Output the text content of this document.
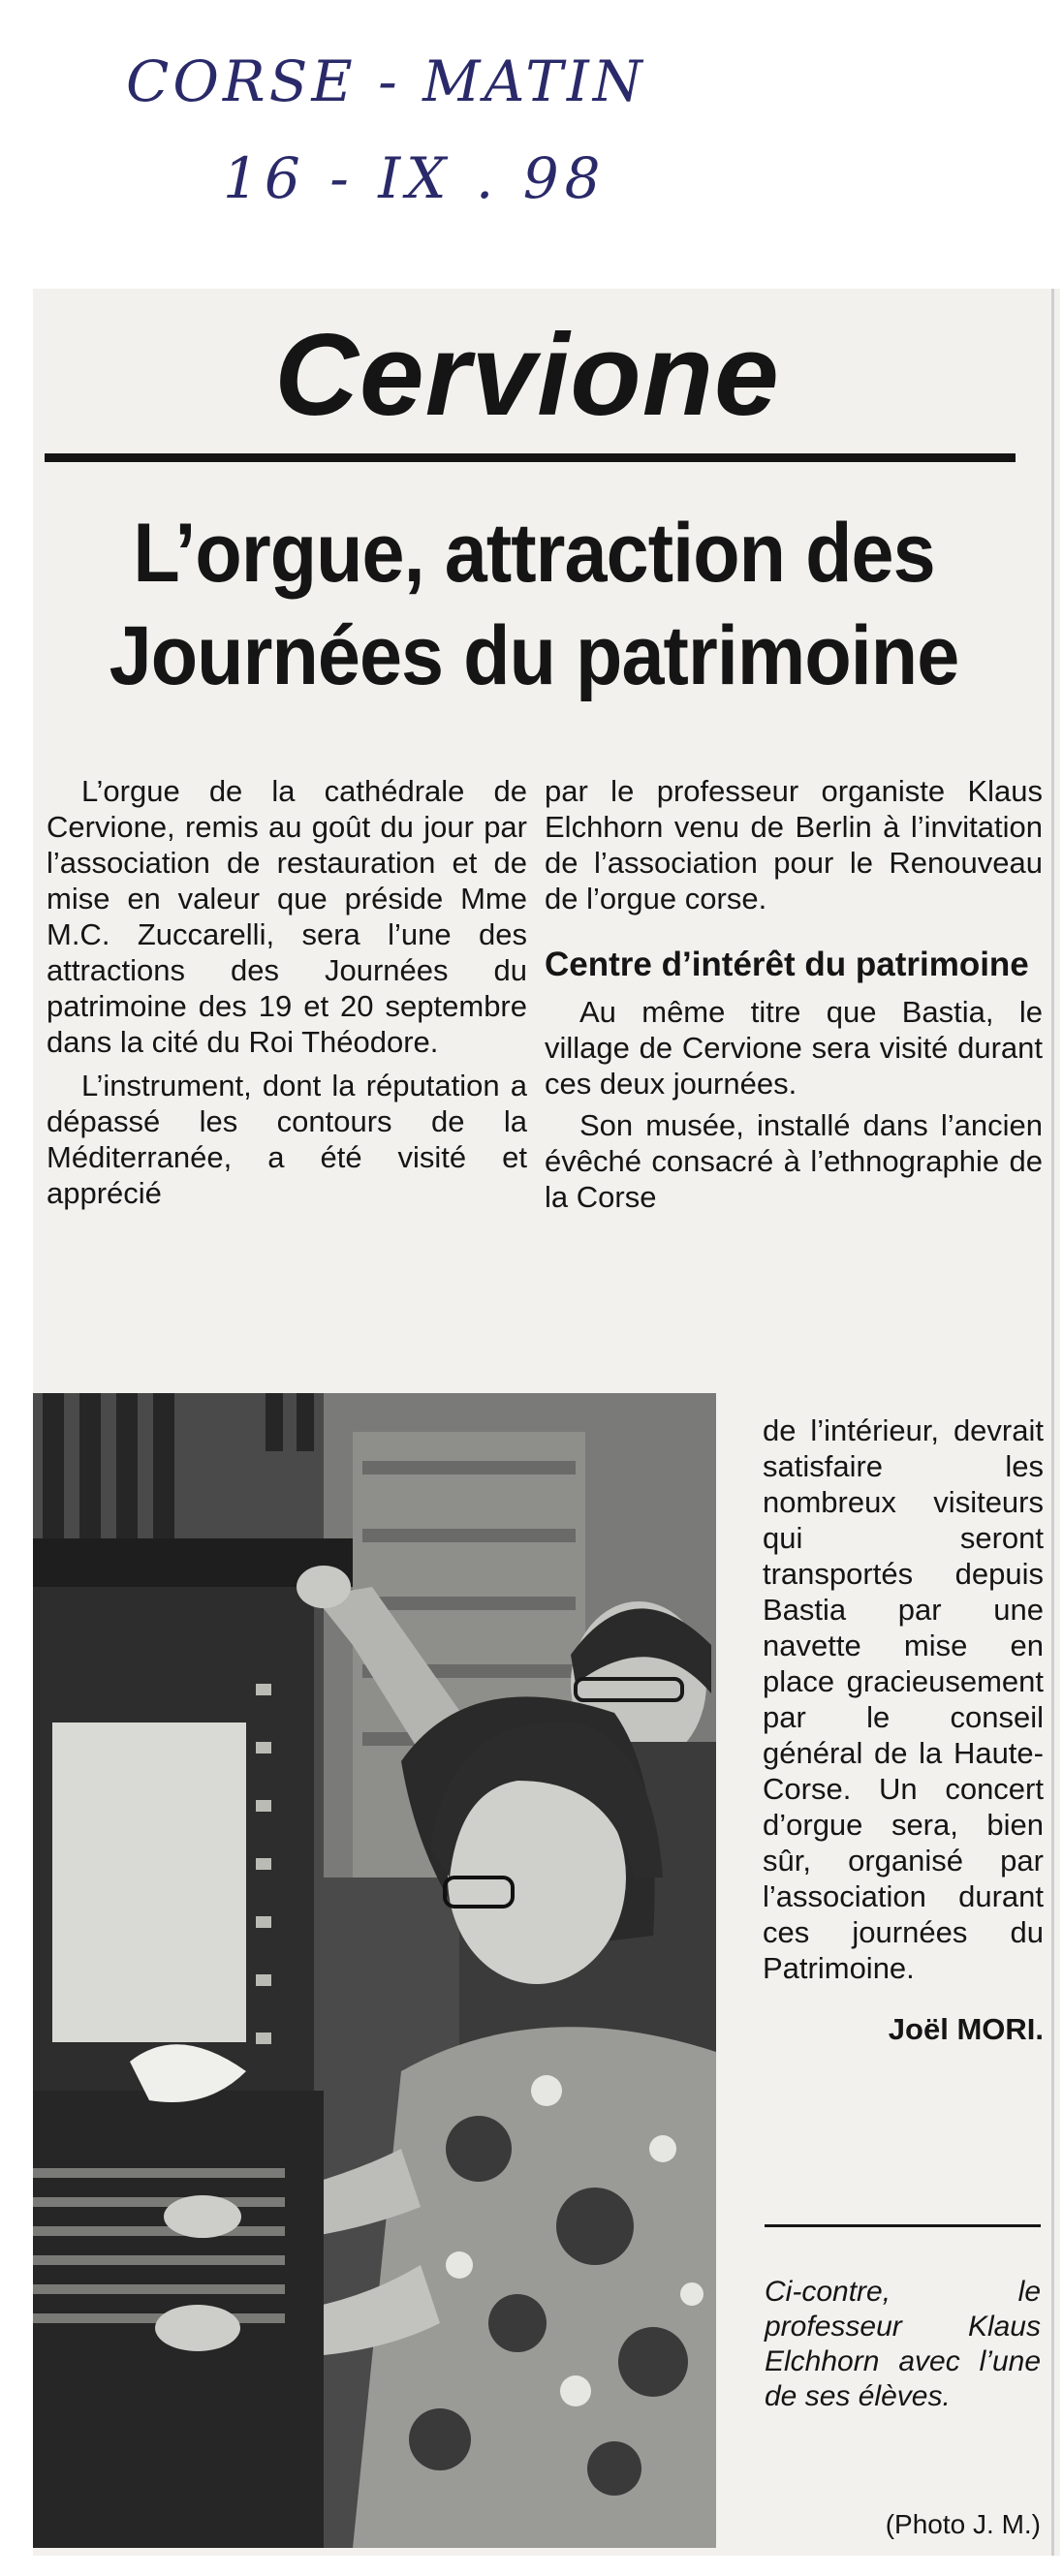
CORSE - MATIN
16 - IX . 98
Cervione
L’orgue, attraction des
Journées du patrimoine

L’orgue de la cathédrale de Cervione, remis au goût du jour par l’association de restauration et de mise en valeur que préside Mme M.C. Zuccarelli, sera l’une des attractions des Journées du patrimoine des 19 et 20 septembre dans la cité du Roi Théodore.

L’instrument, dont la réputation a dépassé les contours de la Méditerranée, a été visité et apprécié

par le professeur organiste Klaus Elchhorn venu de Berlin à l’invitation de l’association pour le Renouveau de l’orgue corse.

Centre d’intérêt du patrimoine

Au même titre que Bastia, le village de Cervione sera visité durant ces deux journées.

Son musée, installé dans l’ancien évêché consacré à l’ethnographie de la Corse

de l’intérieur, devrait satisfaire les nombreux visiteurs qui seront transportés depuis Bastia par une navette mise en place gracieusement par le conseil général de la Haute-Corse. Un concert d’orgue sera, bien sûr, organisé par l’association durant ces journées du Patrimoine.

Joël MORI.
Ci-contre, le professeur Klaus Elchhorn avec l’une de ses élèves.
(Photo J. M.)
